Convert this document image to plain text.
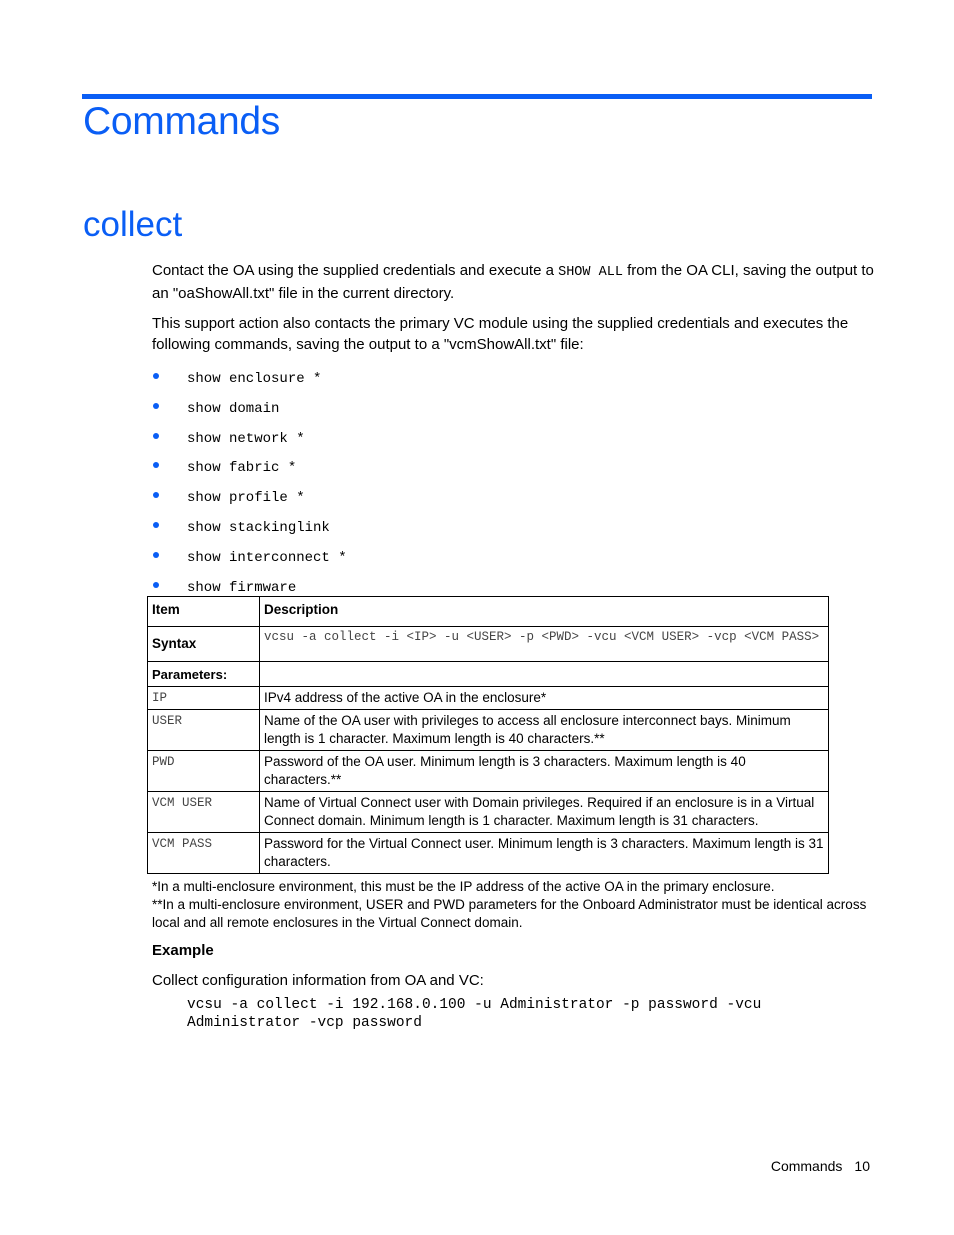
Commands
collect

Contact the OA using the supplied credentials and execute a SHOW ALL from the OA CLI, saving the output to an "oaShowAll.txt" file in the current directory.

This support action also contacts the primary VC module using the supplied credentials and executes the following commands, saving the output to a "vcmShowAll.txt" file:

show enclosure *
show domain
show network *
show fabric *
show profile *
show stackinglink
show interconnect *
show firmware
Item	Description
Syntax	vcsu -a collect -i <IP> -u <USER> -p <PWD> -vcu <VCM USER> -vcp <VCM PASS>
Parameters:	
IP	IPv4 address of the active OA in the enclosure*
USER	Name of the OA user with privileges to access all enclosure interconnect bays. Minimum length is 1 character. Maximum length is 40 characters.**
PWD	Password of the OA user. Minimum length is 3 characters. Maximum length is 40 characters.**
VCM USER	Name of Virtual Connect user with Domain privileges. Required if an enclosure is in a Virtual Connect domain. Minimum length is 1 character. Maximum length is 31 characters.
VCM PASS	Password for the Virtual Connect user. Minimum length is 3 characters. Maximum length is 31 characters.

*In a multi-enclosure environment, this must be the IP address of the active OA in the primary enclosure.

**In a multi-enclosure environment, USER and PWD parameters for the Onboard Administrator must be identical across local and all remote enclosures in the Virtual Connect domain.

Example

Collect configuration information from OA and VC:

vcsu -a collect -i 192.168.0.100 -u Administrator -p password -vcu
Administrator -vcp password
Commands 10
